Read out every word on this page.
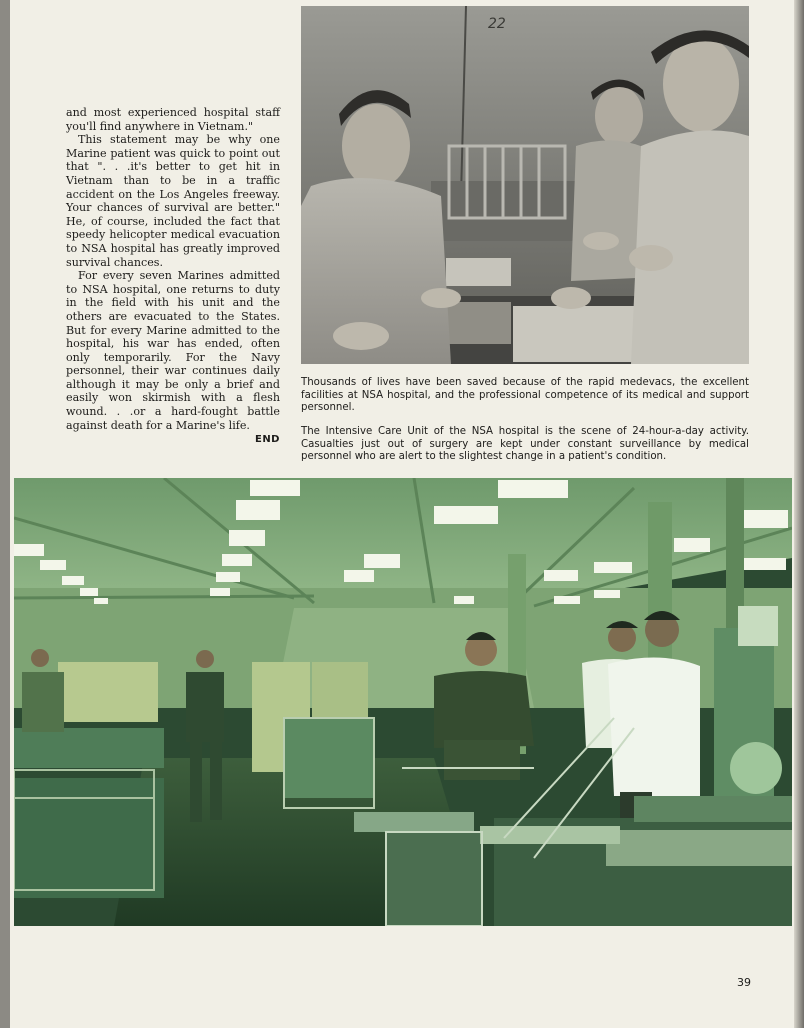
and most experienced hospital staff you'll find anywhere in Vietnam."

This statement may be why one Marine patient was quick to point out that ". . .it's better to get hit in Vietnam than to be in a traffic accident on the Los Angeles freeway. Your chances of survival are better." He, of course, included the fact that speedy helicopter medical evacuation to NSA hospital has greatly improved survival chances.

For every seven Marines admitted to NSA hospital, one returns to duty in the field with his unit and the others are evacuated to the States. But for every Marine admitted to the hospital, his war has ended, often only temporarily. For the Navy personnel, their war continues daily although it may be only a brief and easily won skirmish with a flesh wound. . .or a hard-fought battle against death for a Marine's life.

END
22
Thousands of lives have been saved because of the rapid medevacs, the excellent facilities at NSA hospital, and the professional competence of its medical and support personnel.
The Intensive Care Unit of the NSA hospital is the scene of 24-hour-a-day activity. Casualties just out of surgery are kept under constant surveillance by medical personnel who are alert to the slightest change in a patient's condition.
39
